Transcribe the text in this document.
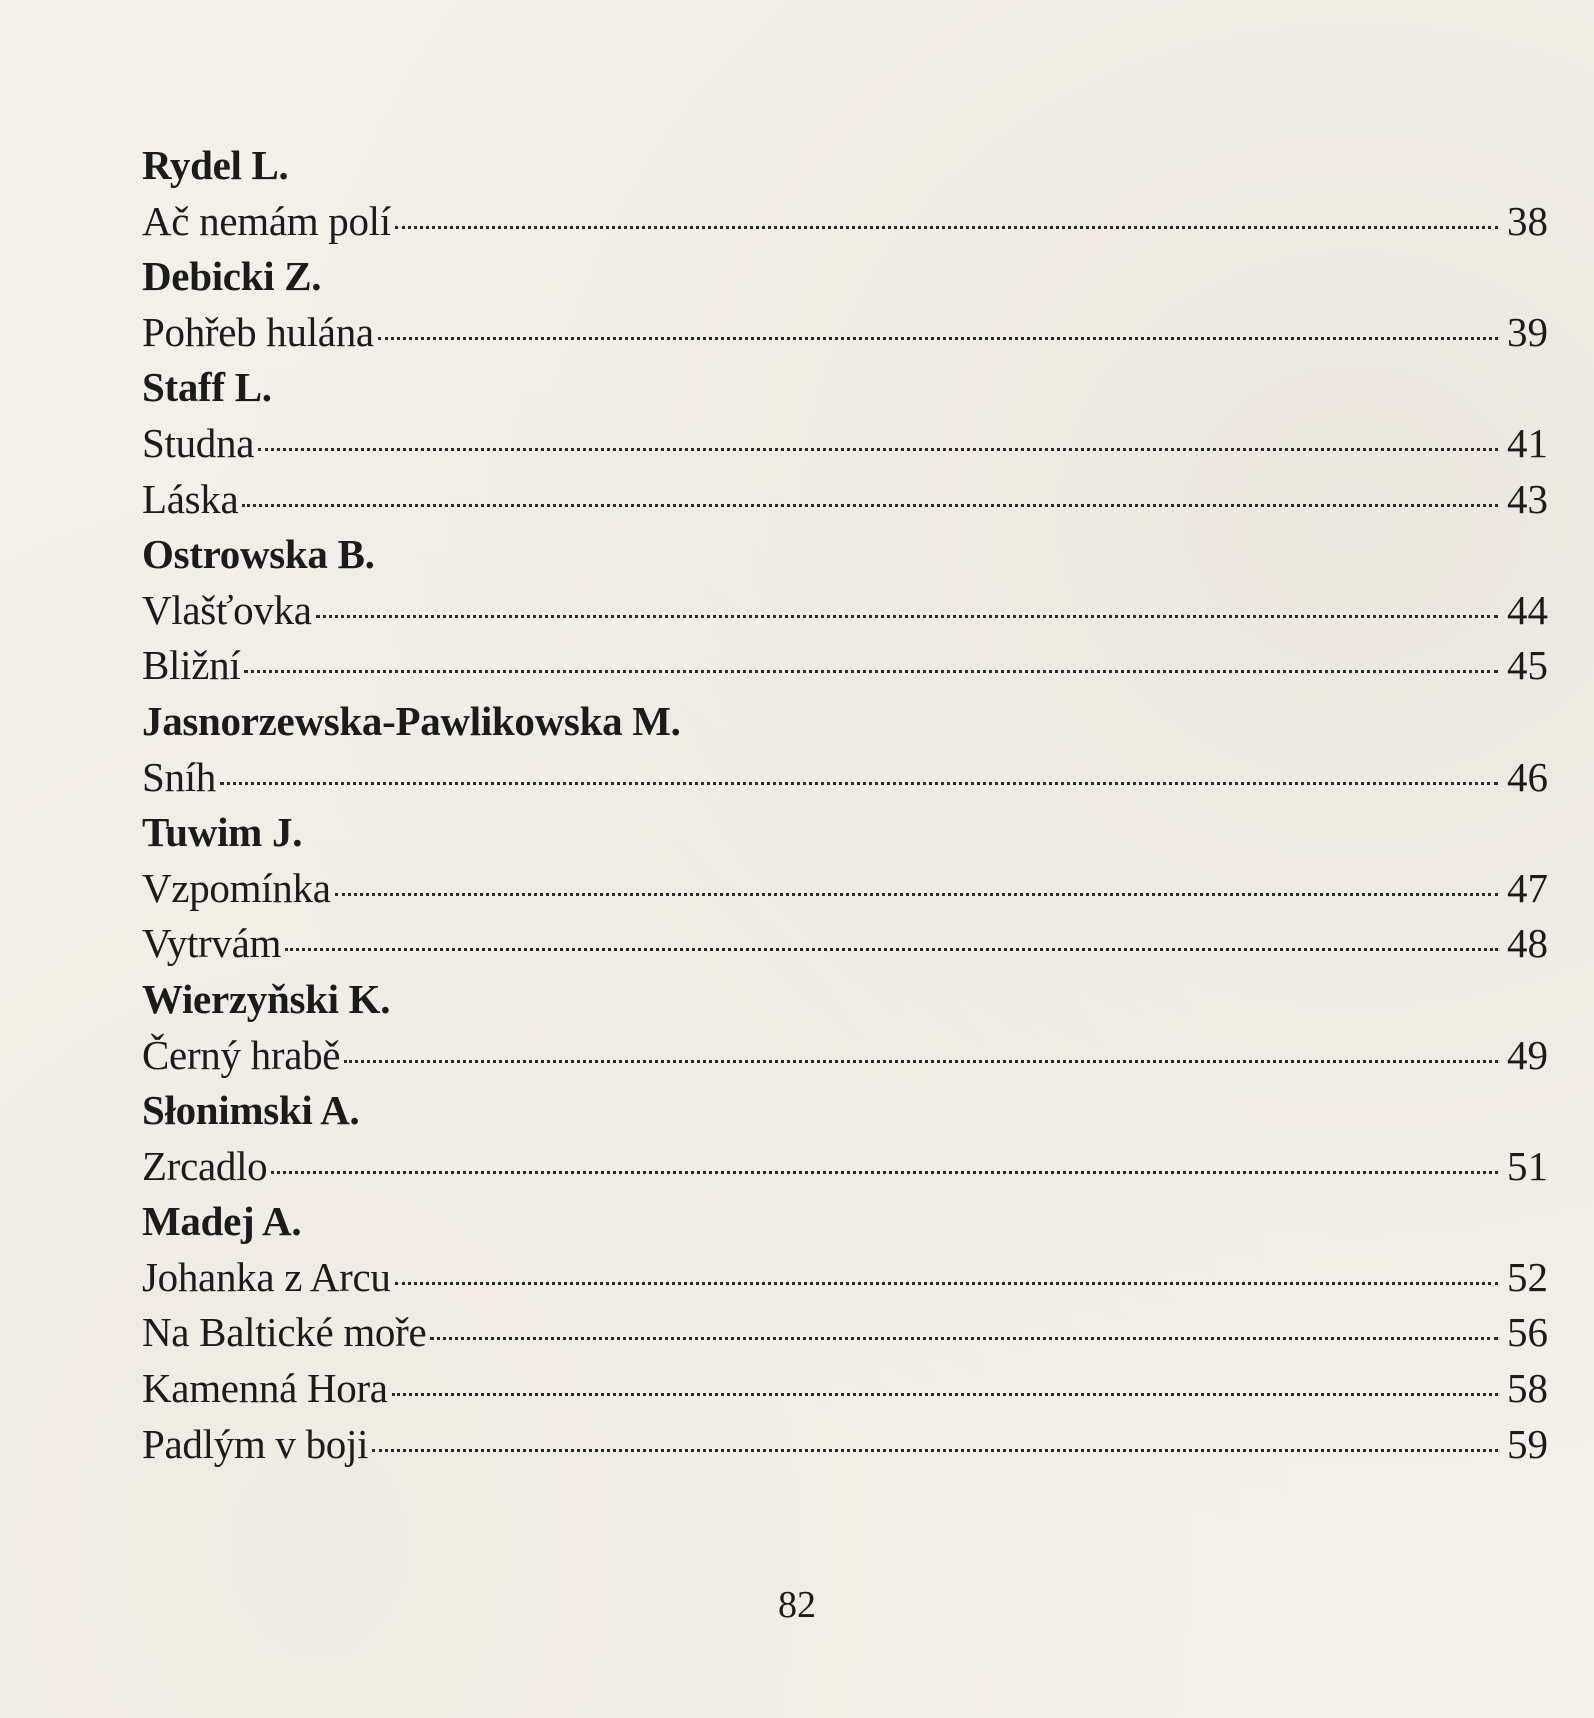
Rydel L.
Ač nemám polí	38
Debicki Z.
Pohřeb hulána	39
Staff L.
Studna	41
Láska	43
Ostrowska B.
Vlašťovka	44
Bližní	45
Jasnorzewska-Pawlikowska M.
Sníh	46
Tuwim J.
Vzpomínka	47
Vytrvám	48
Wierzyňski K.
Černý hrabě	49
Słonimski A.
Zrcadlo	51
Madej A.
Johanka z Arcu	52
Na Baltické moře	56
Kamenná Hora	58
Padlým v boji	59
82
